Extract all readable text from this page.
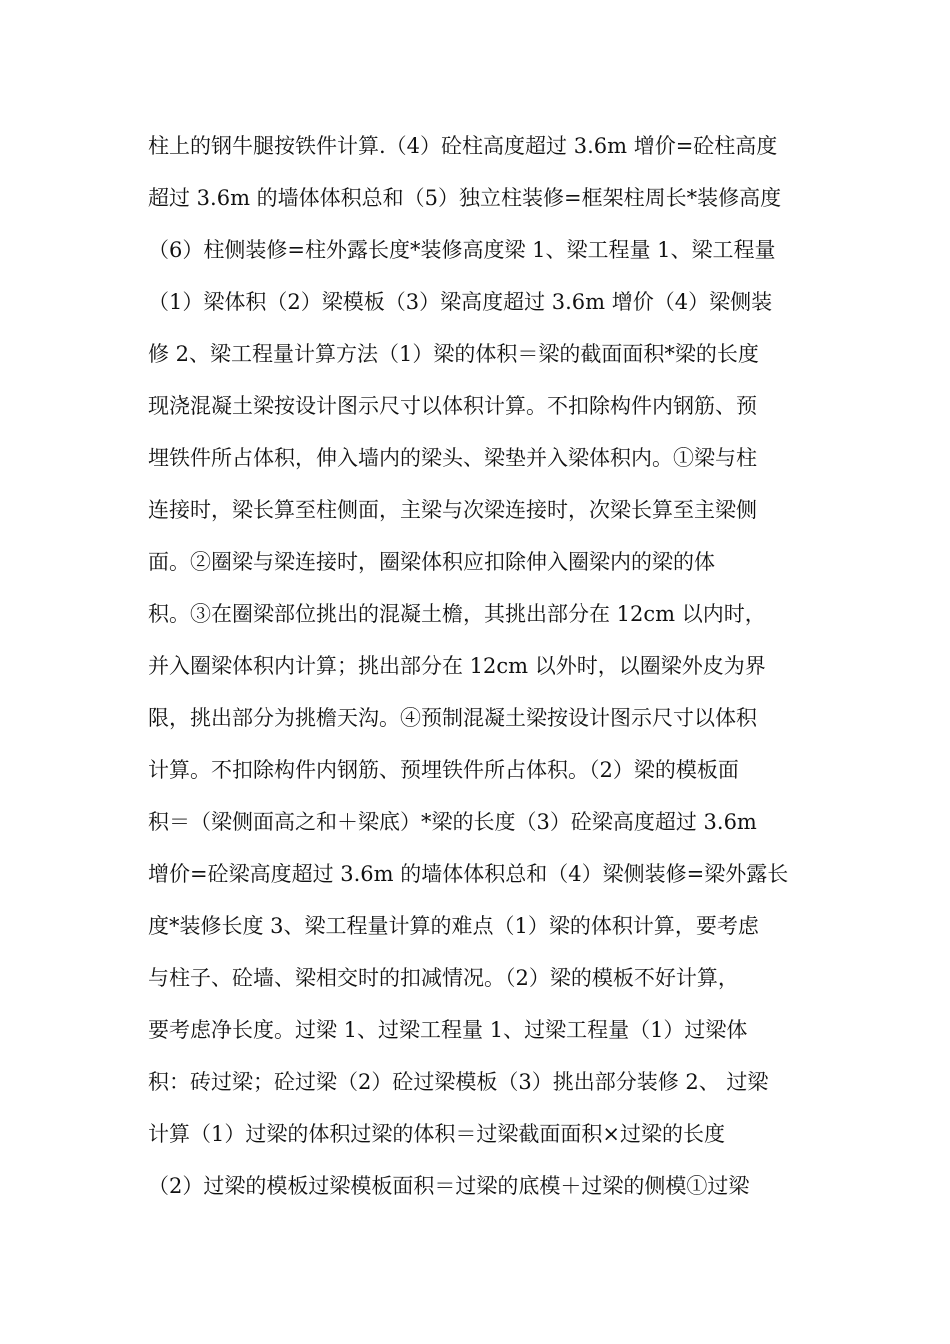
柱上的钢牛腿按铁件计算.（4）砼柱高度超过 3.6m 增价=砼柱高度
超过 3.6m 的墙体体积总和（5）独立柱装修=框架柱周长*装修高度
（6）柱侧装修=柱外露长度*装修高度梁 1、梁工程量 1、梁工程量
（1）梁体积（2）梁模板（3）梁高度超过 3.6m 增价（4）梁侧装
修 2、梁工程量计算方法（1）梁的体积＝梁的截面面积*梁的长度
现浇混凝土梁按设计图示尺寸以体积计算。不扣除构件内钢筋、预
埋铁件所占体积，伸入墙内的梁头、梁垫并入梁体积内。①梁与柱
连接时，梁长算至柱侧面，主梁与次梁连接时，次梁长算至主梁侧
面。②圈梁与梁连接时，圈梁体积应扣除伸入圈梁内的梁的体
积。③在圈梁部位挑出的混凝土檐，其挑出部分在 12cm 以内时，
并入圈梁体积内计算；挑出部分在 12cm 以外时，以圈梁外皮为界
限，挑出部分为挑檐天沟。④预制混凝土梁按设计图示尺寸以体积
计算。不扣除构件内钢筋、预埋铁件所占体积。（2）梁的模板面
积＝（梁侧面高之和＋梁底）*梁的长度（3）砼梁高度超过 3.6m
增价=砼梁高度超过 3.6m 的墙体体积总和（4）梁侧装修=梁外露长
度*装修长度 3、梁工程量计算的难点（1）梁的体积计算，要考虑
与柱子、砼墙、梁相交时的扣减情况。（2）梁的模板不好计算，
要考虑净长度。过梁 1、过梁工程量 1、过梁工程量（1）过梁体
积：砖过梁；砼过梁（2）砼过梁模板（3）挑出部分装修 2、 过梁
计算（1）过梁的体积过梁的体积＝过梁截面面积×过梁的长度
（2）过梁的模板过梁模板面积＝过梁的底模＋过梁的侧模①过梁
